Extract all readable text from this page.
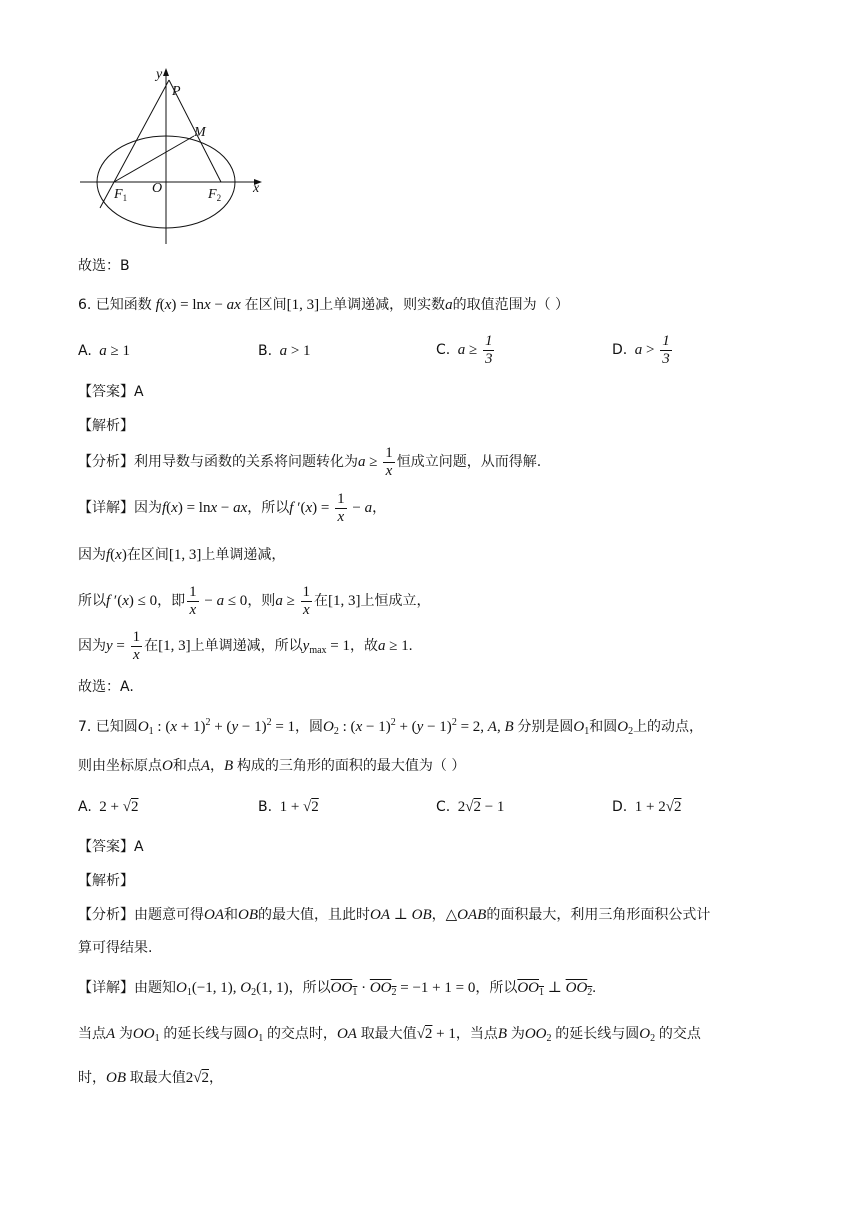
y
P
M
$F_1$
O	$F_2$
x
故选：B
6. 已知函数 f(x) = lnx − ax 在区间[1, 3]上单调递减，则实数a的取值范围为（ ）
A. a ≥ 1	B. a > 1	C. $a \ge \frac{1}{3}$	D. $a > \frac{1}{3}$
【答案】A
【解析】
【分析】利用导数与函数的关系将问题转化为$a \ge \frac{1}{x}$ 恒成立问题，从而得解.
【详解】因为f(x) = lnx − ax，所以f $'(x) = \frac{1}{x} - a$，
因为f(x)在区间[1, 3]上单调递减，
所以f ′(x) ≤ 0，即 $\frac{1}{x} - a \le 0$，则$a \ge \frac{1}{x}$ 在[1, 3]上恒成立，
因为$y = \frac{1}{x}$ 在[1, 3]上单调递减，所以$y_{max} = 1$，故a ≥ 1.
故选：A.
7. 已知圆$O_1$ : $(x + 1)^2 + (y - 1)^2 = 1$，圆$O_2$ : $(x - 1)^2 + (y - 1)^2 = 2$, A, B 分别是圆$O_1$和圆$O_2$上的动点，
则由坐标原点O和点A，B 构成的三角形的面积的最大值为（ ）
A.  2 + √2	B.  1 + √2	C.  2√2 − 1	D.  1 + 2√2
【答案】A
【解析】
【分析】由题意可得OA和OB的最大值，且此时OA ⊥ OB，△OAB的面积最大，利用三角形面积公式计
算可得结果.
【详解】由题知$O_1(-1$, 1), $O_2(1$, 1)，所以$OO_1 \cdot OO_2 = -1 + 1 = 0$，所以$OO_1$ ⊥ $OO_2$.
当点A 为$OO_1$ 的延长线与圆$O_1$ 的交点时，OA 取最大值√2 + 1，当点B 为$OO_2$ 的延长线与圆$O_2$ 的交点
时，OB 取最大值2√2，
